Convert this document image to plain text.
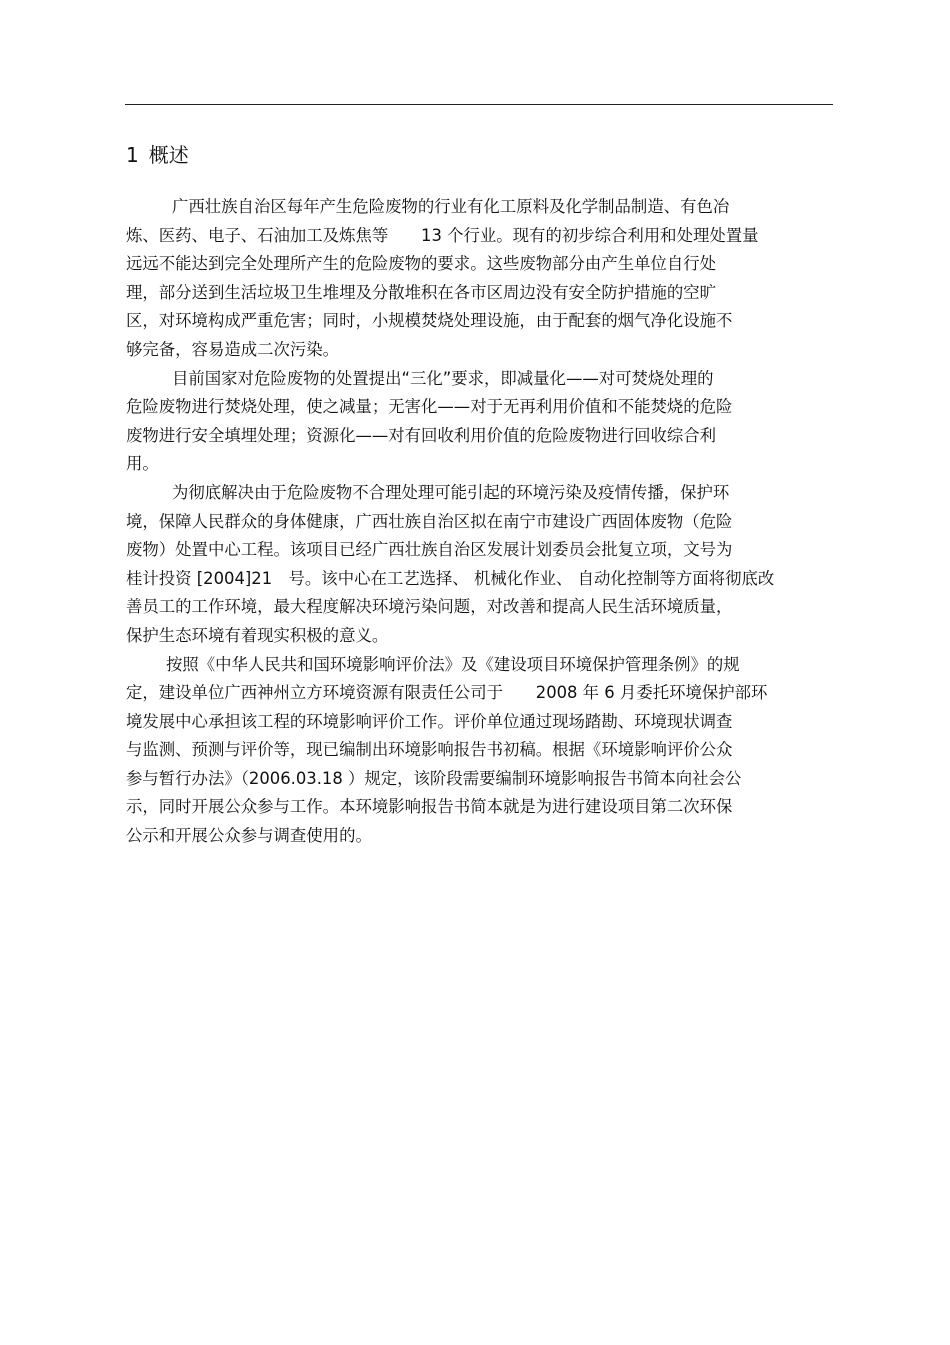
1 概述
广西壮族自治区每年产生危险废物的行业有化工原料及化学制品制造、有色冶
炼、医药、电子、石油加工及炼焦等　　13 个行业。现有的初步综合利用和处理处置量
远远不能达到完全处理所产生的危险废物的要求。这些废物部分由产生单位自行处
理，部分送到生活垃圾卫生堆埋及分散堆积在各市区周边没有安全防护措施的空旷
区，对环境构成严重危害；同时，小规模焚烧处理设施，由于配套的烟气净化设施不
够完备，容易造成二次污染。
目前国家对危险废物的处置提出“三化”要求，即减量化——对可焚烧处理的
危险废物进行焚烧处理，使之减量；无害化——对于无再利用价值和不能焚烧的危险
废物进行安全填埋处理；资源化——对有回收利用价值的危险废物进行回收综合利
用。
为彻底解决由于危险废物不合理处理可能引起的环境污染及疫情传播，保护环
境，保障人民群众的身体健康，广西壮族自治区拟在南宁市建设广西固体废物（危险
废物）处置中心工程。该项目已经广西壮族自治区发展计划委员会批复立项，文号为
桂计投资 [2004]21　号。该中心在工艺选择、 机械化作业、 自动化控制等方面将彻底改
善员工的工作环境，最大程度解决环境污染问题，对改善和提高人民生活环境质量，
保护生态环境有着现实积极的意义。
按照《中华人民共和国环境影响评价法》及《建设项目环境保护管理条例》的规
定，建设单位广西神州立方环境资源有限责任公司于　　2008 年 6 月委托环境保护部环
境发展中心承担该工程的环境影响评价工作。评价单位通过现场踏勘、环境现状调查
与监测、预测与评价等，现已编制出环境影响报告书初稿。根据《环境影响评价公众
参与暂行办法》（2006.03.18 ）规定，该阶段需要编制环境影响报告书简本向社会公
示，同时开展公众参与工作。本环境影响报告书简本就是为进行建设项目第二次环保
公示和开展公众参与调查使用的。
